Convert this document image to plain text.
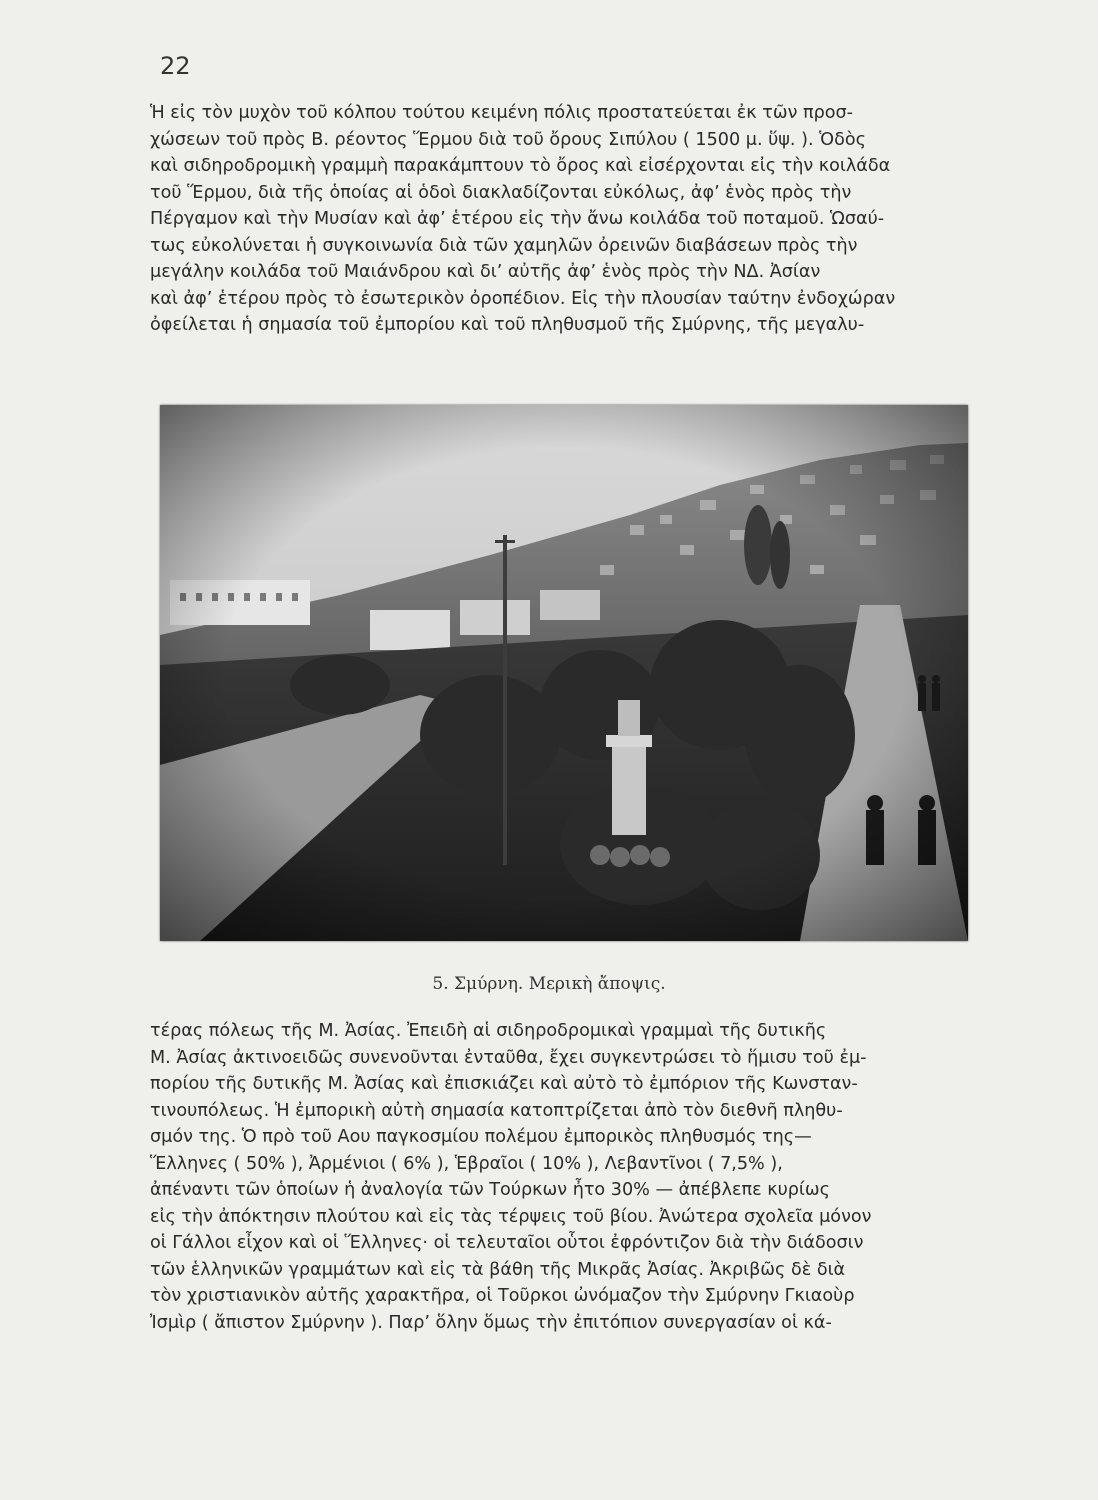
22
Ἡ εἰς τὸν μυχὸν τοῦ κόλπου τούτου κειμένη πόλις προστατεύεται ἐκ τῶν προσ-
χώσεων τοῦ πρὸς Β. ρέοντος Ἕρμου διὰ τοῦ ὄρους Σιπύλου ( 1500 μ. ὕψ. ). Ὁδὸς
καὶ σιδηροδρομικὴ γραμμὴ παρακάμπτουν τὸ ὄρος καὶ εἰσέρχονται εἰς τὴν κοιλάδα
τοῦ Ἕρμου, διὰ τῆς ὁποίας αἱ ὁδοὶ διακλαδίζονται εὐκόλως, ἀφ’ ἑνὸς πρὸς τὴν
Πέργαμον καὶ τὴν Μυσίαν καὶ ἀφ’ ἑτέρου εἰς τὴν ἄνω κοιλάδα τοῦ ποταμοῦ. Ὡσαύ-
τως εὐκολύνεται ἡ συγκοινωνία διὰ τῶν χαμηλῶν ὀρεινῶν διαβάσεων πρὸς τὴν
μεγάλην κοιλάδα τοῦ Μαιάνδρου καὶ δι’ αὐτῆς ἀφ’ ἑνὸς πρὸς τὴν ΝΔ. Ἀσίαν
καὶ ἀφ’ ἑτέρου πρὸς τὸ ἐσωτερικὸν ὀροπέδιον. Εἰς τὴν πλουσίαν ταύτην ἐνδοχώραν
ὀφείλεται ἡ σημασία τοῦ ἐμπορίου καὶ τοῦ πληθυσμοῦ τῆς Σμύρνης, τῆς μεγαλυ-
5. Σμύρνη. Μερικὴ ἄποψις.
τέρας πόλεως τῆς Μ. Ἀσίας. Ἐπειδὴ αἱ σιδηροδρομικαὶ γραμμαὶ τῆς δυτικῆς
Μ. Ἀσίας ἀκτινοειδῶς συνενοῦνται ἐνταῦθα, ἔχει συγκεντρώσει τὸ ἥμισυ τοῦ ἐμ-
πορίου τῆς δυτικῆς Μ. Ἀσίας καὶ ἐπισκιάζει καὶ αὐτὸ τὸ ἐμπόριον τῆς Κωνσταν-
τινουπόλεως. Ἡ ἐμπορικὴ αὐτὴ σημασία κατοπτρίζεται ἀπὸ τὸν διεθνῆ πληθυ-
σμόν της. Ὁ πρὸ τοῦ Αου παγκοσμίου πολέμου ἐμπορικὸς πληθυσμός της—
Ἕλληνες ( 50% ), Ἀρμένιοι ( 6% ), Ἑβραῖοι ( 10% ), Λεβαντῖνοι ( 7,5% ),
ἀπέναντι τῶν ὁποίων ἡ ἀναλογία τῶν Τούρκων ἦτο 30% — ἀπέβλεπε κυρίως
εἰς τὴν ἀπόκτησιν πλούτου καὶ εἰς τὰς τέρψεις τοῦ βίου. Ἀνώτερα σχολεῖα μόνον
οἱ Γάλλοι εἶχον καὶ οἱ Ἕλληνες· οἱ τελευταῖοι οὗτοι ἐφρόντιζον διὰ τὴν διάδοσιν
τῶν ἑλληνικῶν γραμμάτων καὶ εἰς τὰ βάθη τῆς Μικρᾶς Ἀσίας. Ἀκριβῶς δὲ διὰ
τὸν χριστιανικὸν αὐτῆς χαρακτῆρα, οἱ Τοῦρκοι ὠνόμαζον τὴν Σμύρνην Γκιαοὺρ
Ἰσμὶρ ( ἄπιστον Σμύρνην ). Παρ’ ὅλην ὅμως τὴν ἐπιτόπιον συνεργασίαν οἱ κά-
